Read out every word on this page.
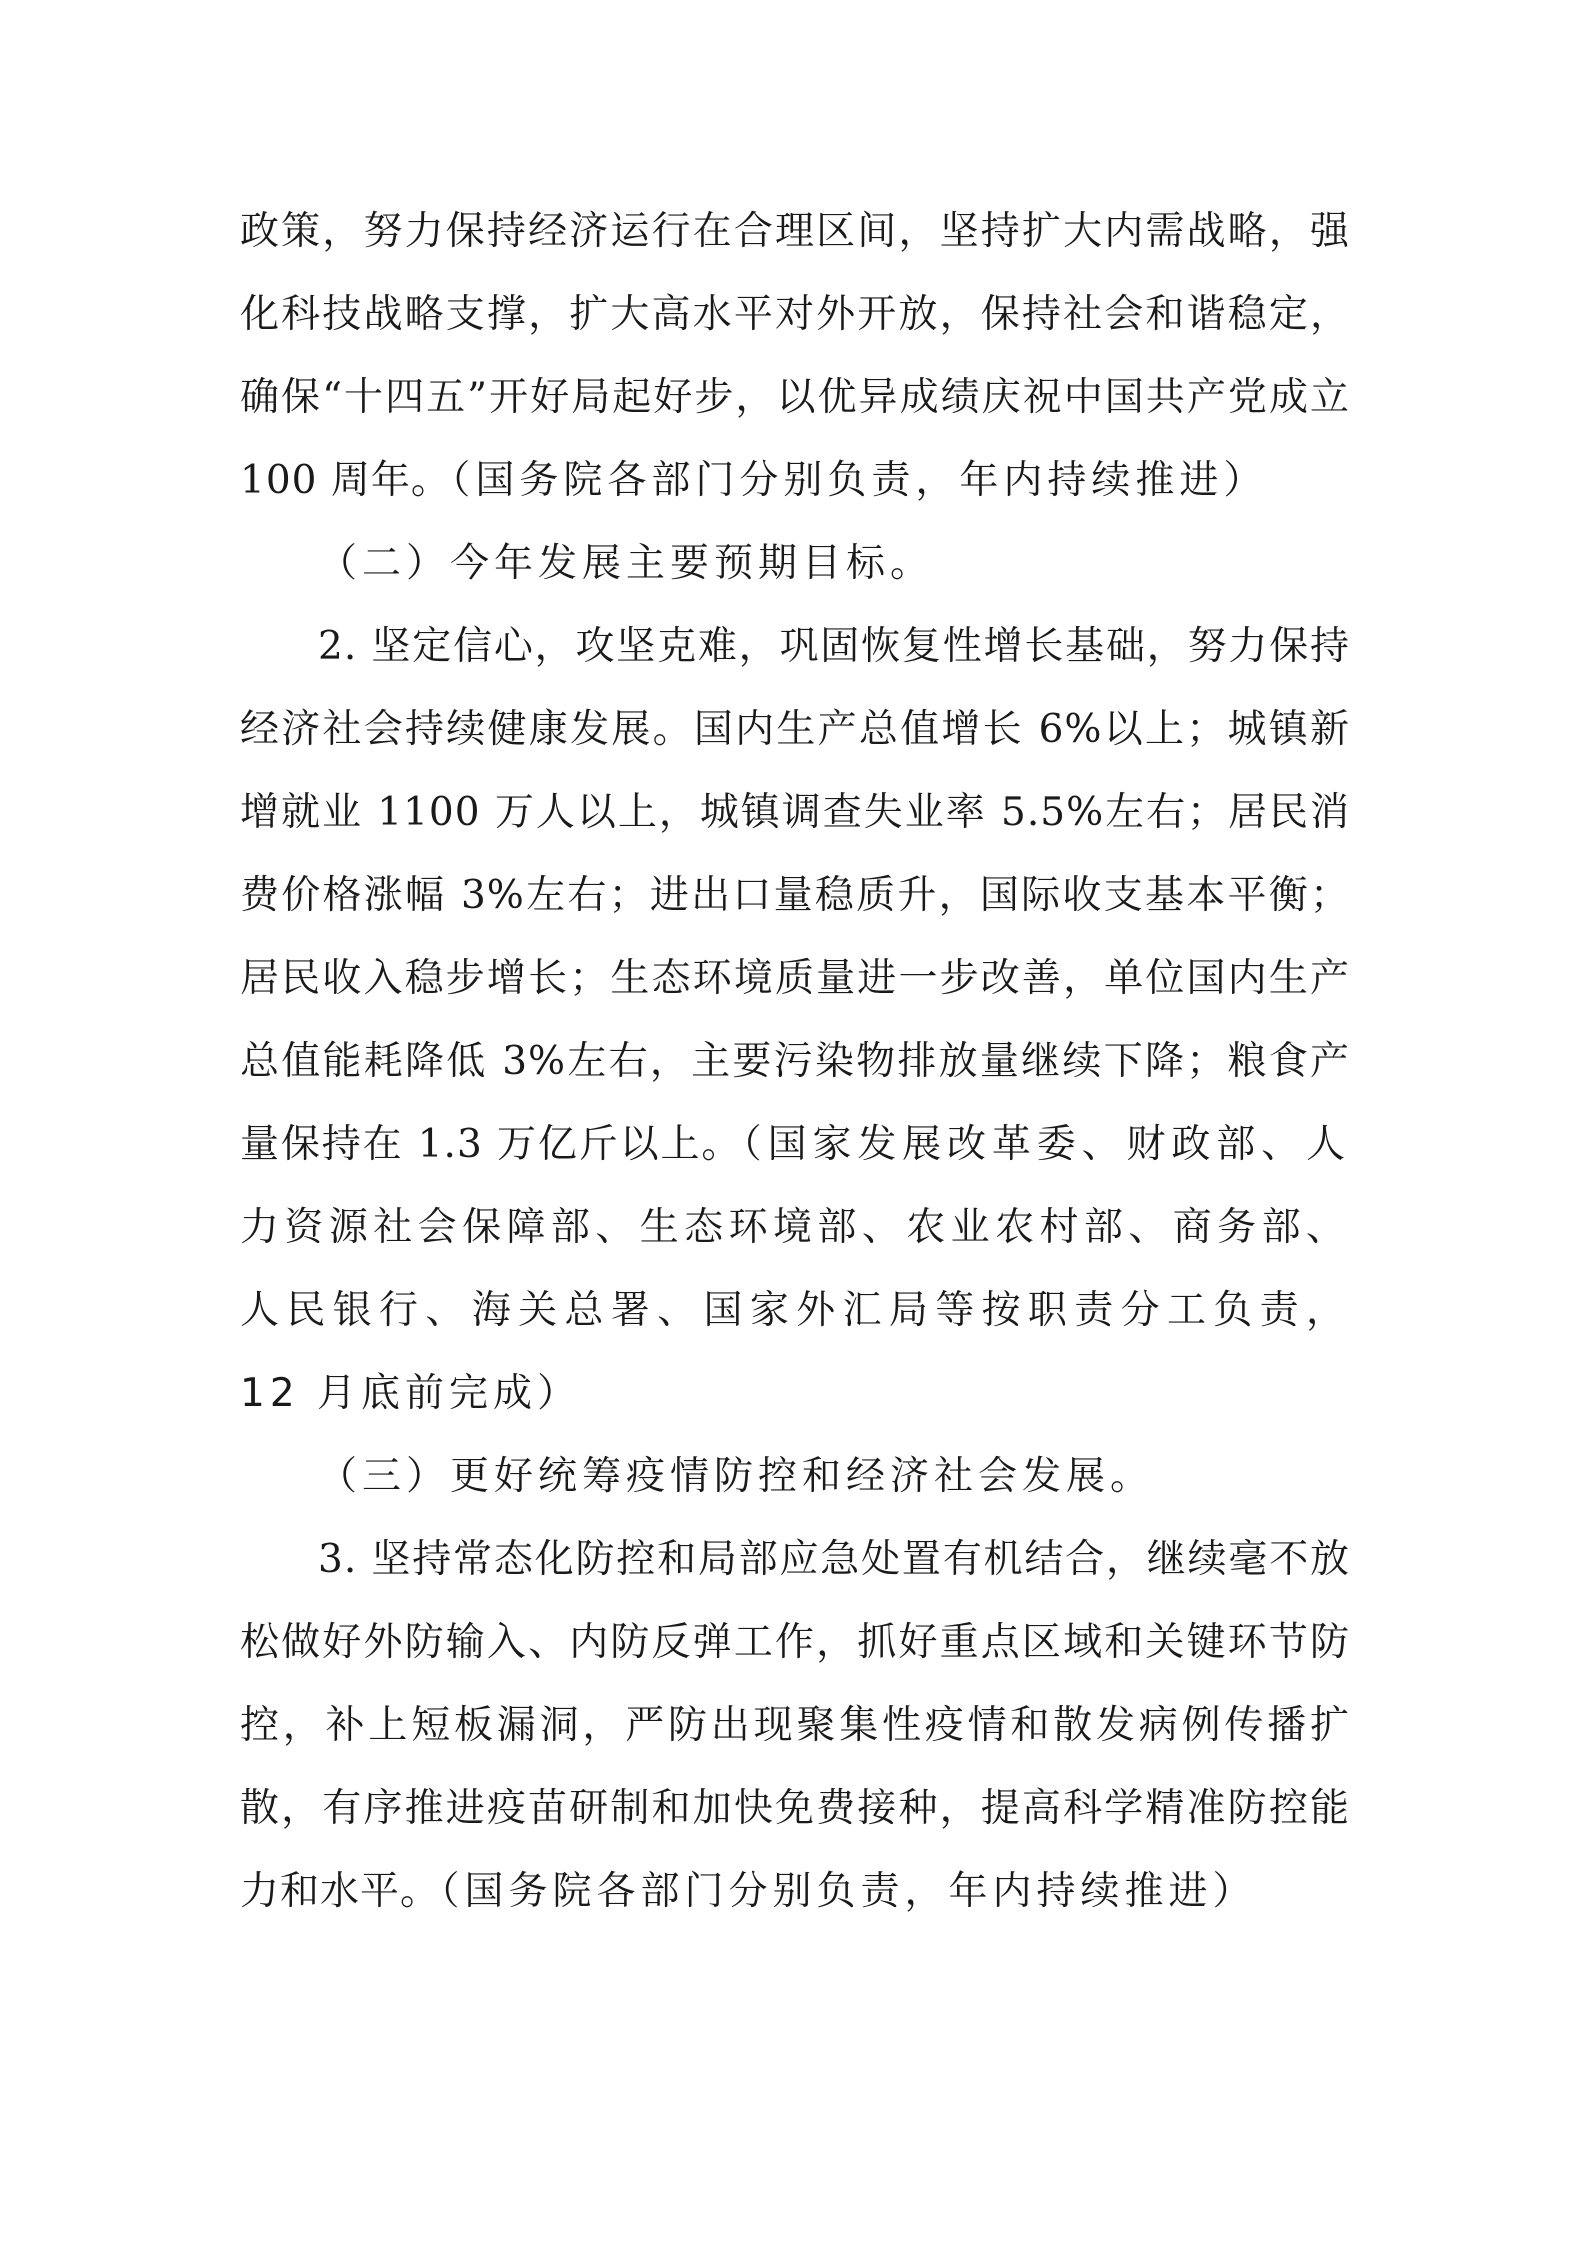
政策，努力保持经济运行在合理区间，坚持扩大内需战略，强化科技战略支撑，扩大高水平对外开放，保持社会和谐稳定，确保“十四五”开好局起好步，以优异成绩庆祝中国共产党成立 100 周年。（国务院各部门分别负责，年内持续推进）

（二）今年发展主要预期目标。

2. 坚定信心，攻坚克难，巩固恢复性增长基础，努力保持经济社会持续健康发展。国内生产总值增长 6%以上；城镇新增就业 1100 万人以上，城镇调查失业率 5.5%左右；居民消费价格涨幅 3%左右；进出口量稳质升，国际收支基本平衡；居民收入稳步增长；生态环境质量进一步改善，单位国内生产总值能耗降低 3%左右，主要污染物排放量继续下降；粮食产量保持在 1.3 万亿斤以上。（国家发展改革委、财政部、人力资源社会保障部、生态环境部、农业农村部、商务部、人民银行、海关总署、国家外汇局等按职责分工负责，12 月底前完成）

（三）更好统筹疫情防控和经济社会发展。

3. 坚持常态化防控和局部应急处置有机结合，继续毫不放松做好外防输入、内防反弹工作，抓好重点区域和关键环节防控，补上短板漏洞，严防出现聚集性疫情和散发病例传播扩散，有序推进疫苗研制和加快免费接种，提高科学精准防控能力和水平。（国务院各部门分别负责，年内持续推进）
